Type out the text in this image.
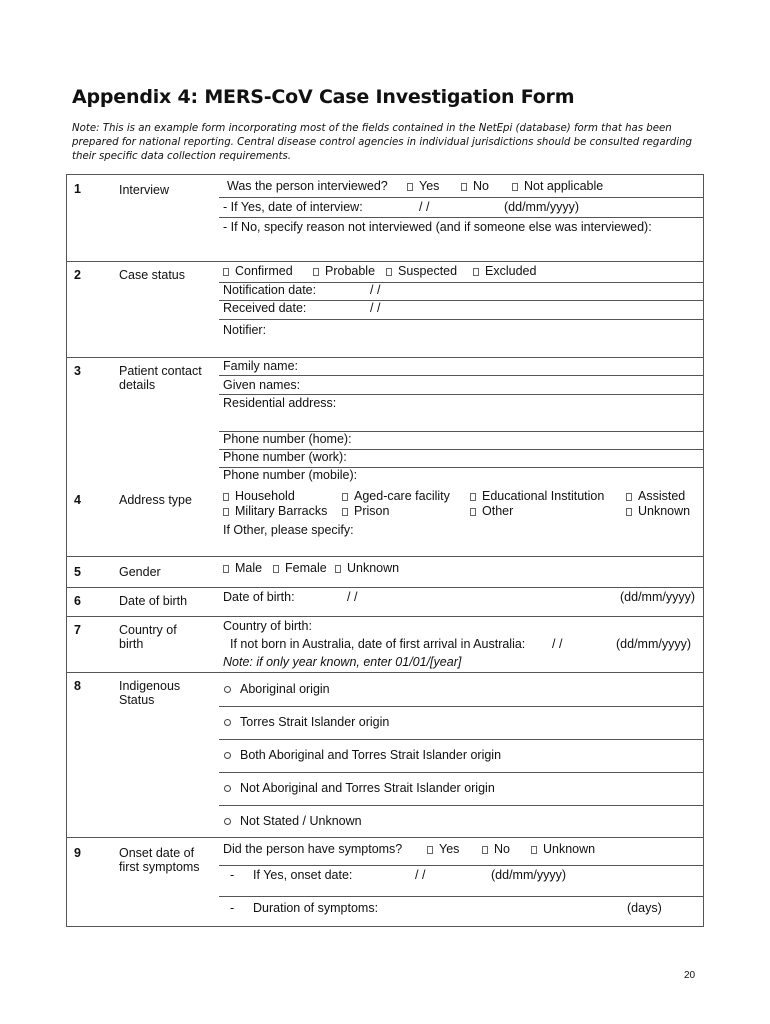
Appendix 4: MERS-CoV Case Investigation Form
Note: This is an example form incorporating most of the fields contained in the NetEpi (database) form that has been
prepared for national reporting. Central disease control agencies in individual jurisdictions should be consulted regarding
their specific data collection requirements.
1	Interview	Was the person interviewed?	Yes	No	Not applicable
- If Yes, date of interview:	/ /	(dd/mm/yyyy)
- If No, specify reason not interviewed (and if someone else was interviewed):
2	Case status	Confirmed	Probable	Suspected	Excluded
Notification date:	/ /
Received date:	/ /
Notifier:
3	Patient contact
details
Family name:
Given names:
Residential address:
Phone number (home):
Phone number (work):
Phone number (mobile):
4	Address type	Household	Aged-care facility	Educational Institution	Assisted
Military Barracks	Prison	Other	Unknown
If Other, please specify:
5	Gender	Male	Female	Unknown
6	Date of birth	Date of birth:	/ /	(dd/mm/yyyy)
7	Country of
birth
Country of birth:
If not born in Australia, date of first arrival in Australia: / /	(dd/mm/yyyy)
Note: if only year known, enter 01/01/[year]
8	Indigenous
Status
Aboriginal origin
Torres Strait Islander origin
Both Aboriginal and Torres Strait Islander origin
Not Aboriginal and Torres Strait Islander origin
Not Stated / Unknown
9	Onset date of
first symptoms
Did the person have symptoms?	Yes	No	Unknown
- If Yes, onset date:	/ /	(dd/mm/yyyy)
- Duration of symptoms:	(days)
20
